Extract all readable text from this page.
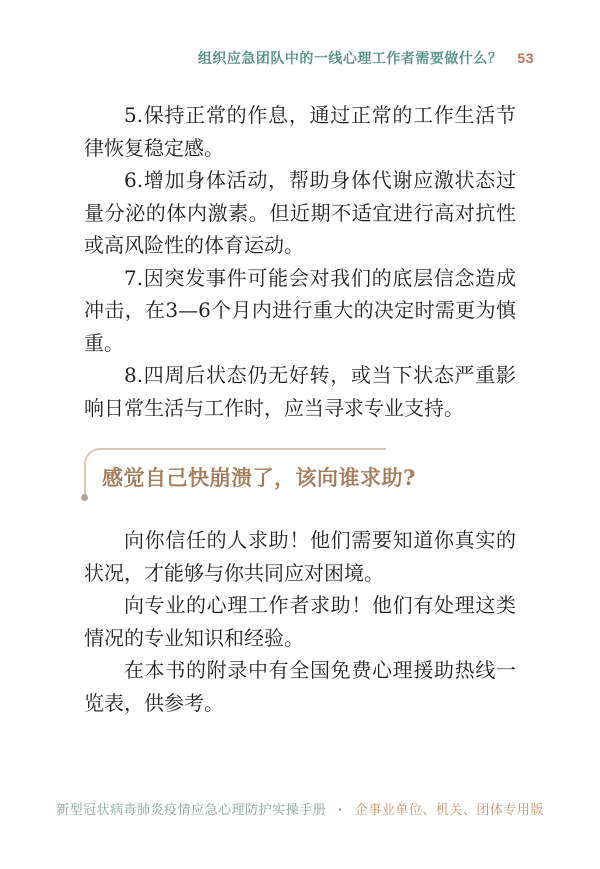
组织应急团队中的一线心理工作者需要做什么？ 53

5.保持正常的作息，通过正常的工作生活节律恢复稳定感。

6.增加身体活动，帮助身体代谢应激状态过量分泌的体内激素。但近期不适宜进行高对抗性或高风险性的体育运动。

7.因突发事件可能会对我们的底层信念造成冲击，在3—6个月内进行重大的决定时需更为慎重。

8.四周后状态仍无好转，或当下状态严重影响日常生活与工作时，应当寻求专业支持。

感觉自己快崩溃了，该向谁求助?

向你信任的人求助！他们需要知道你真实的状况，才能够与你共同应对困境。

向专业的心理工作者求助！他们有处理这类情况的专业知识和经验。

在本书的附录中有全国免费心理援助热线一览表，供参考。

新型冠状病毒肺炎疫情应急心理防护实操手册 · 企事业单位、机关、团体专用版
